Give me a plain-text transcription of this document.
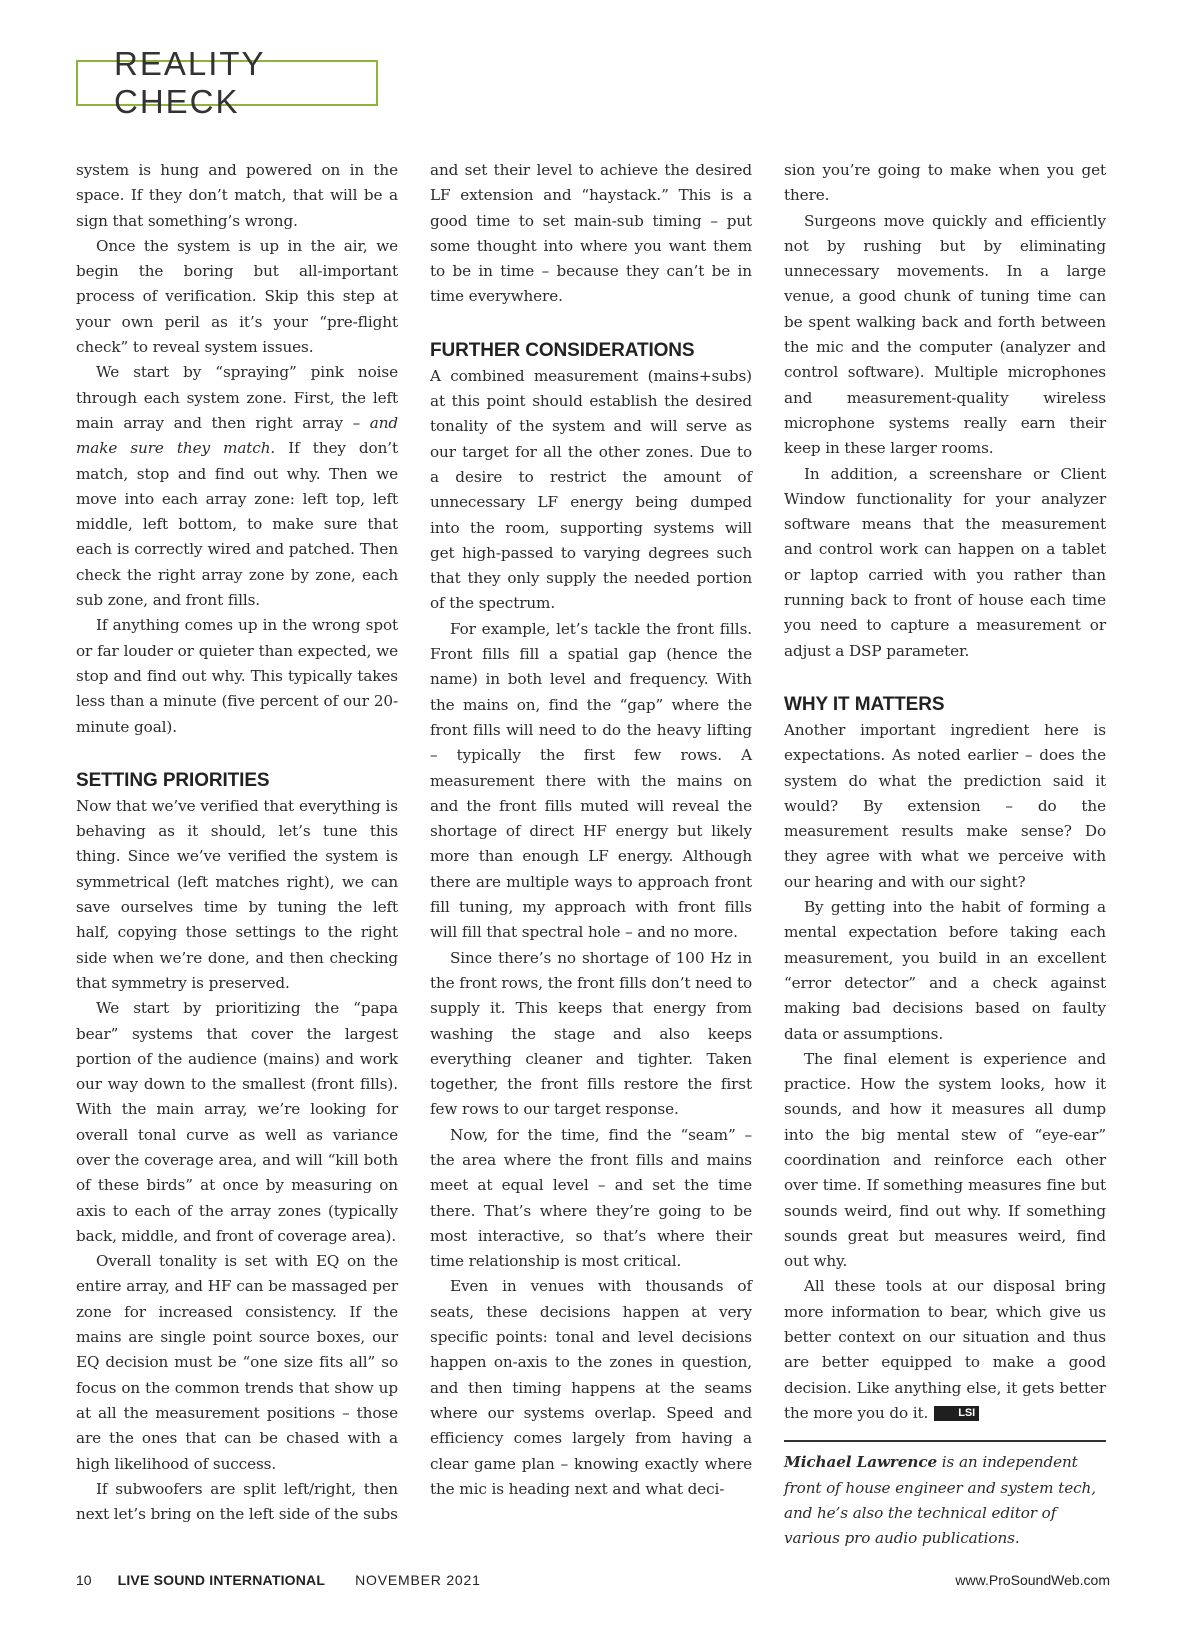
REALITY CHECK

system is hung and powered on in the space. If they don’t match, that will be a sign that something’s wrong.

Once the system is up in the air, we begin the boring but all-important process of verification. Skip this step at your own peril as it’s your “pre-flight check” to reveal system issues.

We start by “spraying” pink noise through each system zone. First, the left main array and then right array – and make sure they match. If they don’t match, stop and find out why. Then we move into each array zone: left top, left middle, left bottom, to make sure that each is correctly wired and patched. Then check the right array zone by zone, each sub zone, and front fills.

If anything comes up in the wrong spot or far louder or quieter than expected, we stop and find out why. This typically takes less than a minute (five percent of our 20-minute goal).

SETTING PRIORITIES

Now that we’ve verified that everything is behaving as it should, let’s tune this thing. Since we’ve verified the system is symmetrical (left matches right), we can save ourselves time by tuning the left half, copying those settings to the right side when we’re done, and then checking that symmetry is preserved.

We start by prioritizing the “papa bear” systems that cover the largest portion of the audience (mains) and work our way down to the smallest (front fills). With the main array, we’re looking for overall tonal curve as well as variance over the coverage area, and will “kill both of these birds” at once by measuring on axis to each of the array zones (typically back, middle, and front of coverage area).

Overall tonality is set with EQ on the entire array, and HF can be massaged per zone for increased consistency. If the mains are single point source boxes, our EQ decision must be “one size fits all” so focus on the common trends that show up at all the measurement positions – those are the ones that can be chased with a high likelihood of success.

If subwoofers are split left/right, then next let’s bring on the left side of the subs

and set their level to achieve the desired LF extension and “haystack.” This is a good time to set main-sub timing – put some thought into where you want them to be in time – because they can’t be in time everywhere.

FURTHER CONSIDERATIONS

A combined measurement (mains+subs) at this point should establish the desired tonality of the system and will serve as our target for all the other zones. Due to a desire to restrict the amount of unnecessary LF energy being dumped into the room, supporting systems will get high-passed to varying degrees such that they only supply the needed portion of the spectrum.

For example, let’s tackle the front fills. Front fills fill a spatial gap (hence the name) in both level and frequency. With the mains on, find the “gap” where the front fills will need to do the heavy lifting – typically the first few rows. A measurement there with the mains on and the front fills muted will reveal the shortage of direct HF energy but likely more than enough LF energy. Although there are multiple ways to approach front fill tuning, my approach with front fills will fill that spectral hole – and no more.

Since there’s no shortage of 100 Hz in the front rows, the front fills don’t need to supply it. This keeps that energy from washing the stage and also keeps everything cleaner and tighter. Taken together, the front fills restore the first few rows to our target response.

Now, for the time, find the “seam” – the area where the front fills and mains meet at equal level – and set the time there. That’s where they’re going to be most interactive, so that’s where their time relationship is most critical.

Even in venues with thousands of seats, these decisions happen at very specific points: tonal and level decisions happen on-axis to the zones in question, and then timing happens at the seams where our systems overlap. Speed and efficiency comes largely from having a clear game plan – knowing exactly where the mic is heading next and what deci-

sion you’re going to make when you get there.

Surgeons move quickly and efficiently not by rushing but by eliminating unnecessary movements. In a large venue, a good chunk of tuning time can be spent walking back and forth between the mic and the computer (analyzer and control software). Multiple microphones and measurement-quality wireless microphone systems really earn their keep in these larger rooms.

In addition, a screenshare or Client Window functionality for your analyzer software means that the measurement and control work can happen on a tablet or laptop carried with you rather than running back to front of house each time you need to capture a measurement or adjust a DSP parameter.

WHY IT MATTERS

Another important ingredient here is expectations. As noted earlier – does the system do what the prediction said it would? By extension – do the measurement results make sense? Do they agree with what we perceive with our hearing and with our sight?

By getting into the habit of forming a mental expectation before taking each measurement, you build in an excellent “error detector” and a check against making bad decisions based on faulty data or assumptions.

The final element is experience and practice. How the system looks, how it sounds, and how it measures all dump into the big mental stew of “eye-ear” coordination and reinforce each other over time. If something measures fine but sounds weird, find out why. If something sounds great but measures weird, find out why.

All these tools at our disposal bring more information to bear, which give us better context on our situation and thus are better equipped to make a good decision. Like anything else, it gets better the more you do it.	LSI

Michael Lawrence is an independent front of house engineer and system tech, and he’s also the technical editor of various pro audio publications.

10 LIVE SOUND INTERNATIONAL NOVEMBER 2021	www.ProSoundWeb.com
